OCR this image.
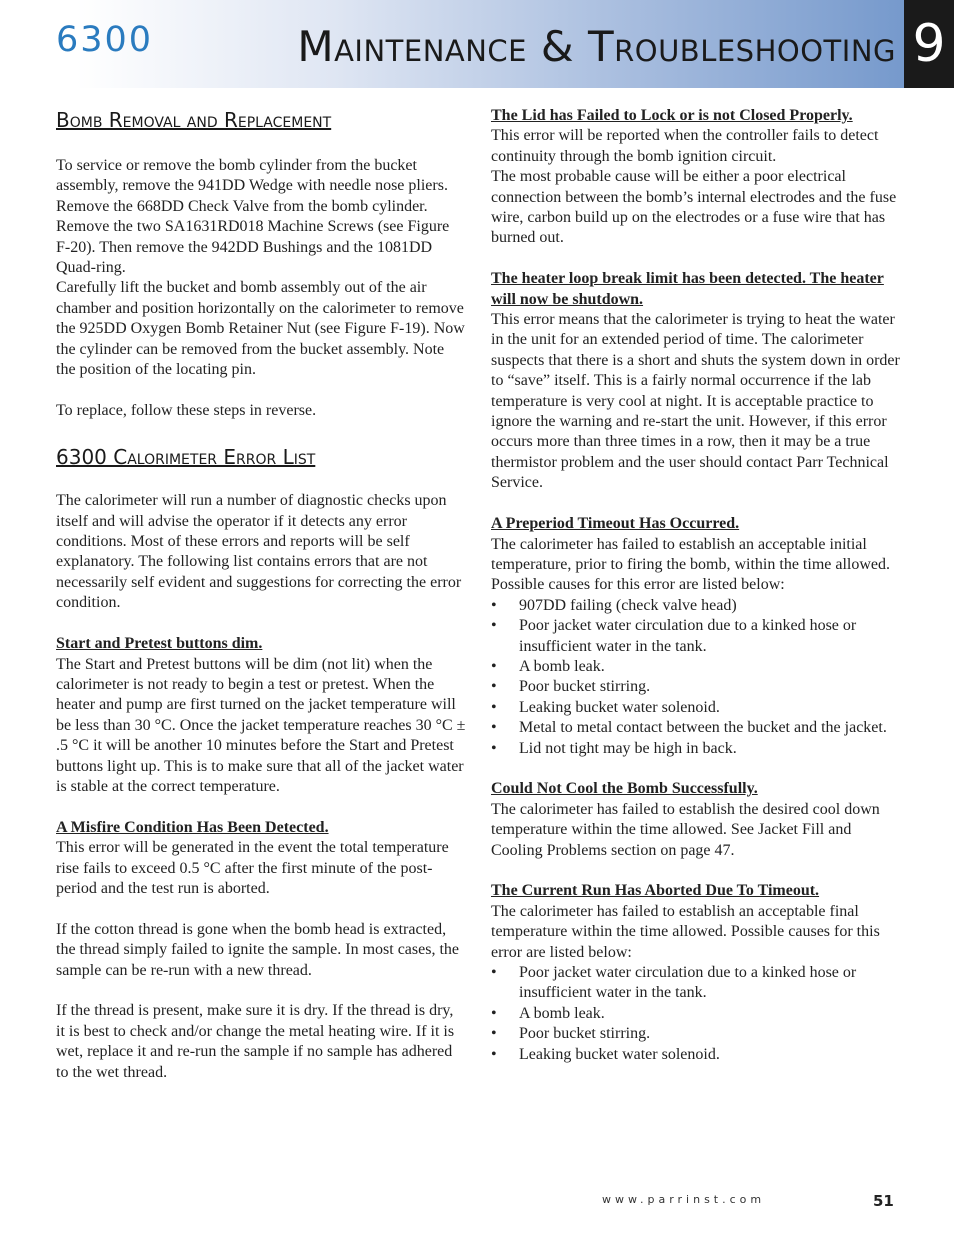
6300	Maintenance & Troubleshooting 9
Bomb Removal and Replacement

To service or remove the bomb cylinder from the bucket assembly, remove the 941DD Wedge with needle nose pliers. Remove the 668DD Check Valve from the bomb cylinder. Remove the two SA1631RD018 Machine Screws (see Figure F-20). Then remove the 942DD Bushings and the 1081DD Quad-ring.

Carefully lift the bucket and bomb assembly out of the air chamber and position horizontally on the calorimeter to remove the 925DD Oxygen Bomb Retainer Nut (see Figure F-19). Now the cylinder can be removed from the bucket assembly. Note the position of the locating pin.

To replace, follow these steps in reverse.

6300 Calorimeter Error List

The calorimeter will run a number of diagnostic checks upon itself and will advise the operator if it detects any error conditions. Most of these errors and reports will be self explanatory. The following list contains errors that are not necessarily self evident and suggestions for correcting the error condition.

Start and Pretest buttons dim.

The Start and Pretest buttons will be dim (not lit) when the calorimeter is not ready to begin a test or pretest. When the heater and pump are first turned on the jacket temperature will be less than 30 °C. Once the jacket temperature reaches 30 °C ± .5 °C it will be another 10 minutes before the Start and Pretest buttons light up. This is to make sure that all of the jacket water is stable at the correct temperature.

A Misfire Condition Has Been Detected.

This error will be generated in the event the total temperature rise fails to exceed 0.5 °C after the first minute of the post-period and the test run is aborted.

If the cotton thread is gone when the bomb head is extracted, the thread simply failed to ignite the sample. In most cases, the sample can be re-run with a new thread.

If the thread is present, make sure it is dry. If the thread is dry, it is best to check and/or change the metal heating wire. If it is wet, replace it and re-run the sample if no sample has adhered to the wet thread.

The Lid has Failed to Lock or is not Closed Properly.

This error will be reported when the controller fails to detect continuity through the bomb ignition circuit.

The most probable cause will be either a poor electrical connection between the bomb’s internal electrodes and the fuse wire, carbon build up on the electrodes or a fuse wire that has burned out.

The heater loop break limit has been detected. The heater will now be shutdown.

This error means that the calorimeter is trying to heat the water in the unit for an extended period of time. The calorimeter suspects that there is a short and shuts the system down in order to “save” itself. This is a fairly normal occurrence if the lab temperature is very cool at night. It is acceptable practice to ignore the warning and re-start the unit. However, if this error occurs more than three times in a row, then it may be a true thermistor problem and the user should contact Parr Technical Service.

A Preperiod Timeout Has Occurred.

The calorimeter has failed to establish an acceptable initial temperature, prior to firing the bomb, within the time allowed. Possible causes for this error are listed below:

• 907DD failing (check valve head)
• Poor jacket water circulation due to a kinked hose or insufficient water in the tank.
• A bomb leak.
• Poor bucket stirring.
• Leaking bucket water solenoid.
• Metal to metal contact between the bucket and the jacket.
• Lid not tight may be high in back.

Could Not Cool the Bomb Successfully.

The calorimeter has failed to establish the desired cool down temperature within the time allowed. See Jacket Fill and Cooling Problems section on page 47.

The Current Run Has Aborted Due To Timeout.

The calorimeter has failed to establish an acceptable final temperature within the time allowed. Possible causes for this error are listed below:

• Poor jacket water circulation due to a kinked hose or insufficient water in the tank.
• A bomb leak.
• Poor bucket stirring.
• Leaking bucket water solenoid.
www.parrinst.com	51
